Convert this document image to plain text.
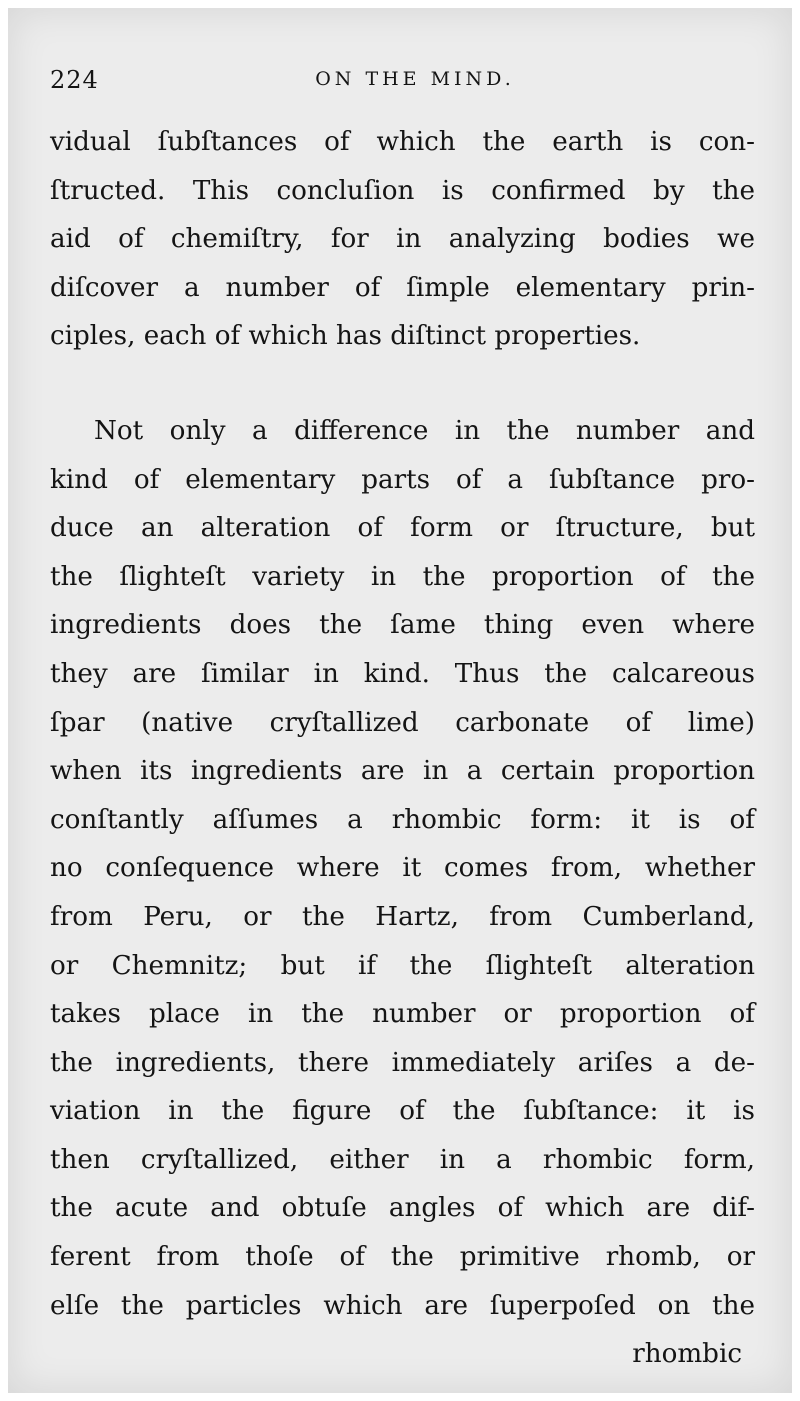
224	ON THE MIND.
vidual ſubſtances of which the earth is con-
ſtructed. This concluſion is confirmed by the
aid of chemiſtry, for in analyzing bodies we
diſcover a number of ſimple elementary prin-
ciples, each of which has diſtinct properties.
Not only a difference in the number and
kind of elementary parts of a ſubſtance pro-
duce an alteration of form or ſtructure, but
the ſlighteſt variety in the proportion of the
ingredients does the ſame thing even where
they are ſimilar in kind. Thus the calcareous
ſpar (native cryſtallized carbonate of lime)
when its ingredients are in a certain proportion
conſtantly aſſumes a rhombic form: it is of
no conſequence where it comes from, whether
from Peru, or the Hartz, from Cumberland,
or Chemnitz; but if the ſlighteſt alteration
takes place in the number or proportion of
the ingredients, there immediately ariſes a de-
viation in the figure of the ſubſtance: it is
then cryſtallized, either in a rhombic form,
the acute and obtuſe angles of which are dif-
ferent from thoſe of the primitive rhomb, or
elſe the particles which are ſuperpoſed on the
rhombic
